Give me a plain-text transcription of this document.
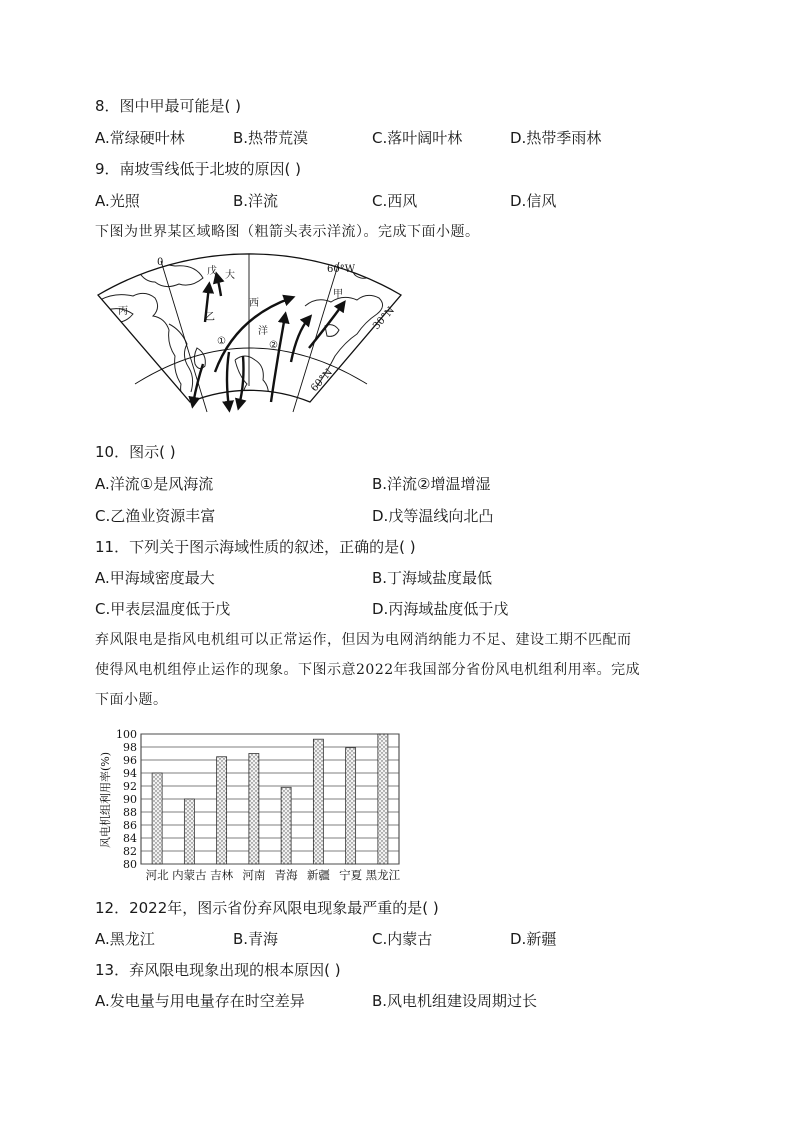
8．图中甲最可能是( )
A.常绿硬叶林	B.热带荒漠	C.落叶阔叶林	D.热带季雨林
9．南坡雪线低于北坡的原因( )
A.光照	B.洋流	C.西风	D.信风
下图为世界某区域略图（粗箭头表示洋流）。完成下面小题。
0
60°W
30°N
60°N
戊 大
西
洋
甲
丙
乙
①	②
10．图示( )
A.洋流①是风海流	B.洋流②增温增湿
C.乙渔业资源丰富	D.戊等温线向北凸
11．下列关于图示海域性质的叙述，正确的是( )
A.甲海域密度最大	B.丁海域盐度最低
C.甲表层温度低于戊	D.丙海域盐度低于戊
弃风限电是指风电机组可以正常运作，但因为电网消纳能力不足、建设工期不匹配而
使得风电机组停止运作的现象。下图示意2022年我国部分省份风电机组利用率。完成
下面小题。
风电机组利用率(%)
80
82
84
86
88
90
92
94
96
98
100
河北 内蒙古 吉林 河南 青海 新疆 宁夏 黑龙江
12．2022年，图示省份弃风限电现象最严重的是( )
A.黑龙江	B.青海	C.内蒙古	D.新疆
13．弃风限电现象出现的根本原因( )
A.发电量与用电量存在时空差异	B.风电机组建设周期过长
